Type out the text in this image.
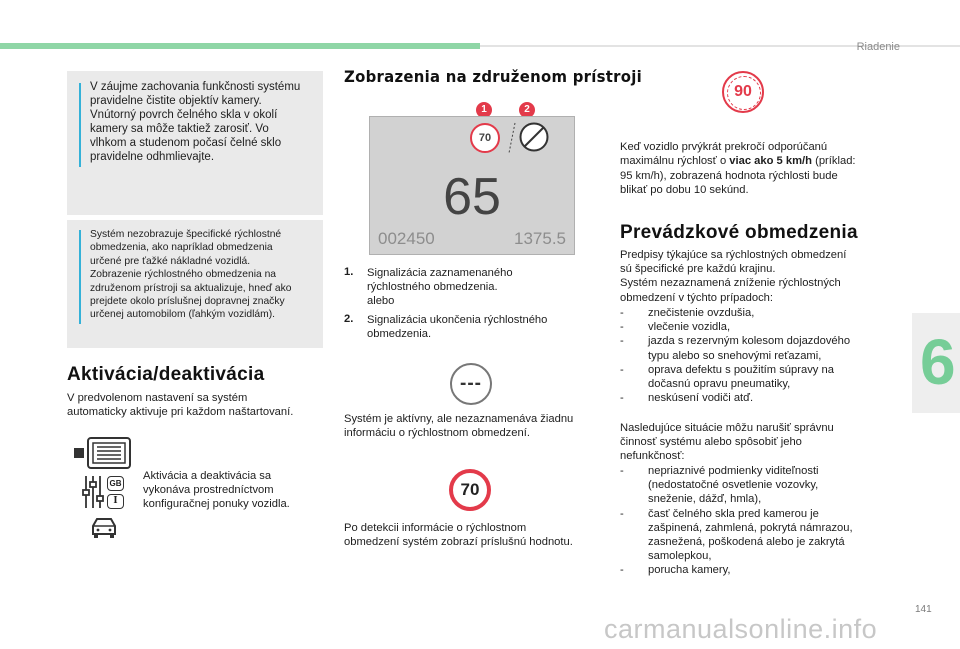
Riadenie
6
141
carmanualsonline.info
V záujme zachovania funkčnosti systému
pravidelne čistite objektív kamery.
Vnútorný povrch čelného skla v okolí
kamery sa môže taktiež zarosiť. Vo
vlhkom a studenom počasí čelné sklo
pravidelne odhmlievajte.
Systém nezobrazuje špecifické rýchlostné
obmedzenia, ako napríklad obmedzenia
určené pre ťažké nákladné vozidlá.
Zobrazenie rýchlostného obmedzenia na
združenom prístroji sa aktualizuje, hneď ako
prejdete okolo príslušnej dopravnej značky
určenej automobilom (ľahkým vozidlám).
Aktivácia/deaktivácia
V predvolenom nastavení sa systém
automaticky aktivuje pri každom naštartovaní.
GB
I
Aktivácia a deaktivácia sa
vykonáva prostredníctvom
konfiguračnej ponuky vozidla.
Zobrazenia na združenom prístroji
1	2
70
65
002450	1375.5
1. Signalizácia zaznamenaného
rýchlostného obmedzenia.
alebo
2. Signalizácia ukončenia rýchlostného
obmedzenia.
---
Systém je aktívny, ale nezaznamenáva žiadnu
informáciu o rýchlostnom obmedzení.
70
Po detekcii informácie o rýchlostnom
obmedzení systém zobrazí príslušnú hodnotu.
90

Keď vozidlo prvýkrát prekročí odporúčanú
maximálnu rýchlosť o viac ako 5 km/h (príklad:
95 km/h), zobrazená hodnota rýchlosti bude
blikať po dobu 10 sekúnd.

Prevádzkové obmedzenia
Predpisy týkajúce sa rýchlostných obmedzení
sú špecifické pre každú krajinu.
Systém nezaznamená zníženie rýchlostných
obmedzení v týchto prípadoch:
- znečistenie ovzdušia,
- vlečenie vozidla,
- jazda s rezervným kolesom dojazdového typu alebo so snehovými reťazami,
- oprava defektu s použitím súpravy na dočasnú opravu pneumatiky,
- neskúsení vodiči atď.
Nasledujúce situácie môžu narušiť správnu
činnosť systému alebo spôsobiť jeho
nefunkčnosť:
- nepriaznivé podmienky viditeľnosti (nedostatočné osvetlenie vozovky, sneženie, dážď, hmla),
- časť čelného skla pred kamerou je zašpinená, zahmlená, pokrytá námrazou, zasnežená, poškodená alebo je zakrytá samolepkou,
- porucha kamery,
